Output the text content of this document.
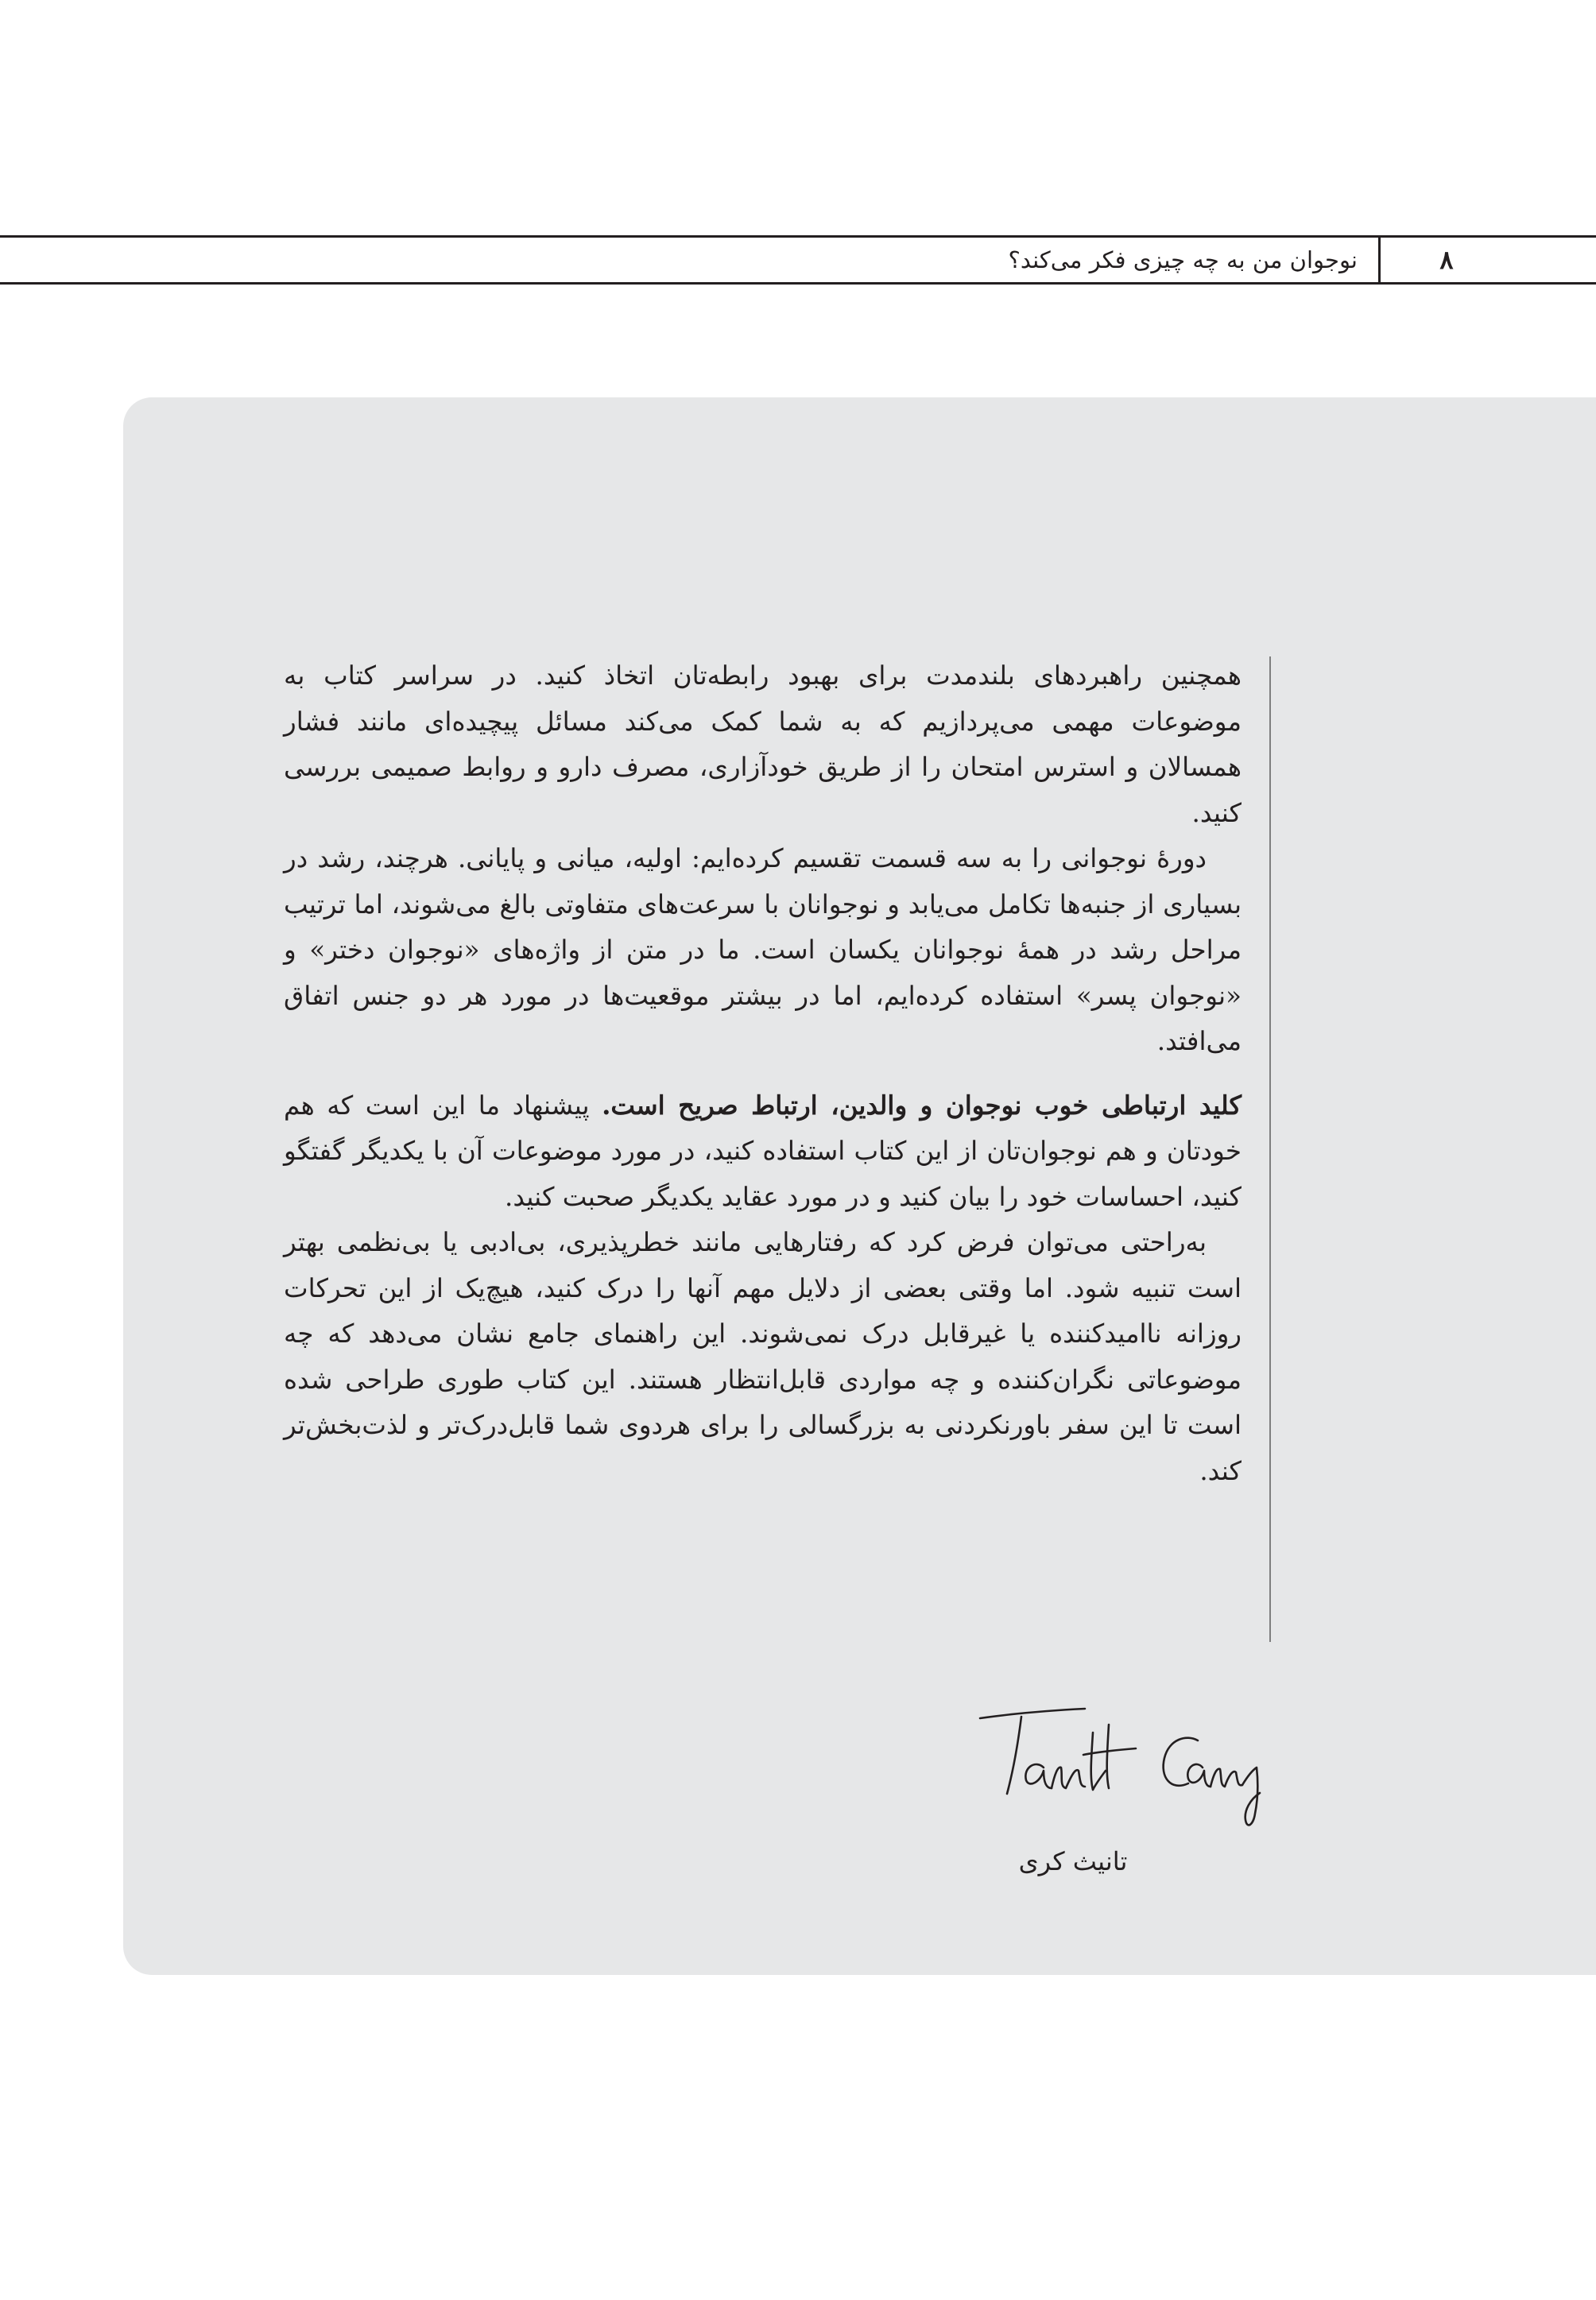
نوجوان من به چه چیزی فکر می‌کند؟	۸

همچنین راهبردهای بلندمدت برای بهبود رابطه‌تان اتخاذ کنید. در سراسر کتاب به موضوعات مهمی می‌پردازیم که به شما کمک می‌کند مسائل پیچیده‌ای مانند فشار همسالان و استرس امتحان را از طریق خودآزاری، مصرف دارو و روابط صمیمی بررسی کنید.

دورهٔ نوجوانی را به سه قسمت تقسیم کرده‌ایم: اولیه، میانی و پایانی. هرچند، رشد در بسیاری از جنبه‌ها تکامل می‌یابد و نوجوانان با سرعت‌های متفاوتی بالغ می‌شوند، اما ترتیب مراحل رشد در همهٔ نوجوانان یکسان است. ما در متن از واژه‌های «نوجوان دختر» و «نوجوان پسر» استفاده کرده‌ایم، اما در بیشتر موقعیت‌ها در مورد هر دو جنس اتفاق می‌افتد.

کلید ارتباطی خوب نوجوان و والدین، ارتباط صریح است. پیشنهاد ما این است که هم خودتان و هم نوجوان‌تان از این کتاب استفاده کنید، در مورد موضوعات آن با یکدیگر گفتگو کنید، احساسات خود را بیان کنید و در مورد عقاید یکدیگر صحبت کنید.

به‌راحتی می‌توان فرض کرد که رفتارهایی مانند خطرپذیری، بی‌ادبی یا بی‌نظمی بهتر است تنبیه شود. اما وقتی بعضی از دلایل مهم آنها را درک کنید، هیچ‌یک از این تحرکات روزانه ناامیدکننده یا غیرقابل درک نمی‌شوند. این راهنمای جامع نشان می‌دهد که چه موضوعاتی نگران‌کننده و چه مواردی قابل‌انتظار هستند. این کتاب طوری طراحی شده است تا این سفر باورنکردنی به بزرگسالی را برای هردوی شما قابل‌درک‌تر و لذت‌بخش‌تر کند.

تانیث کری
